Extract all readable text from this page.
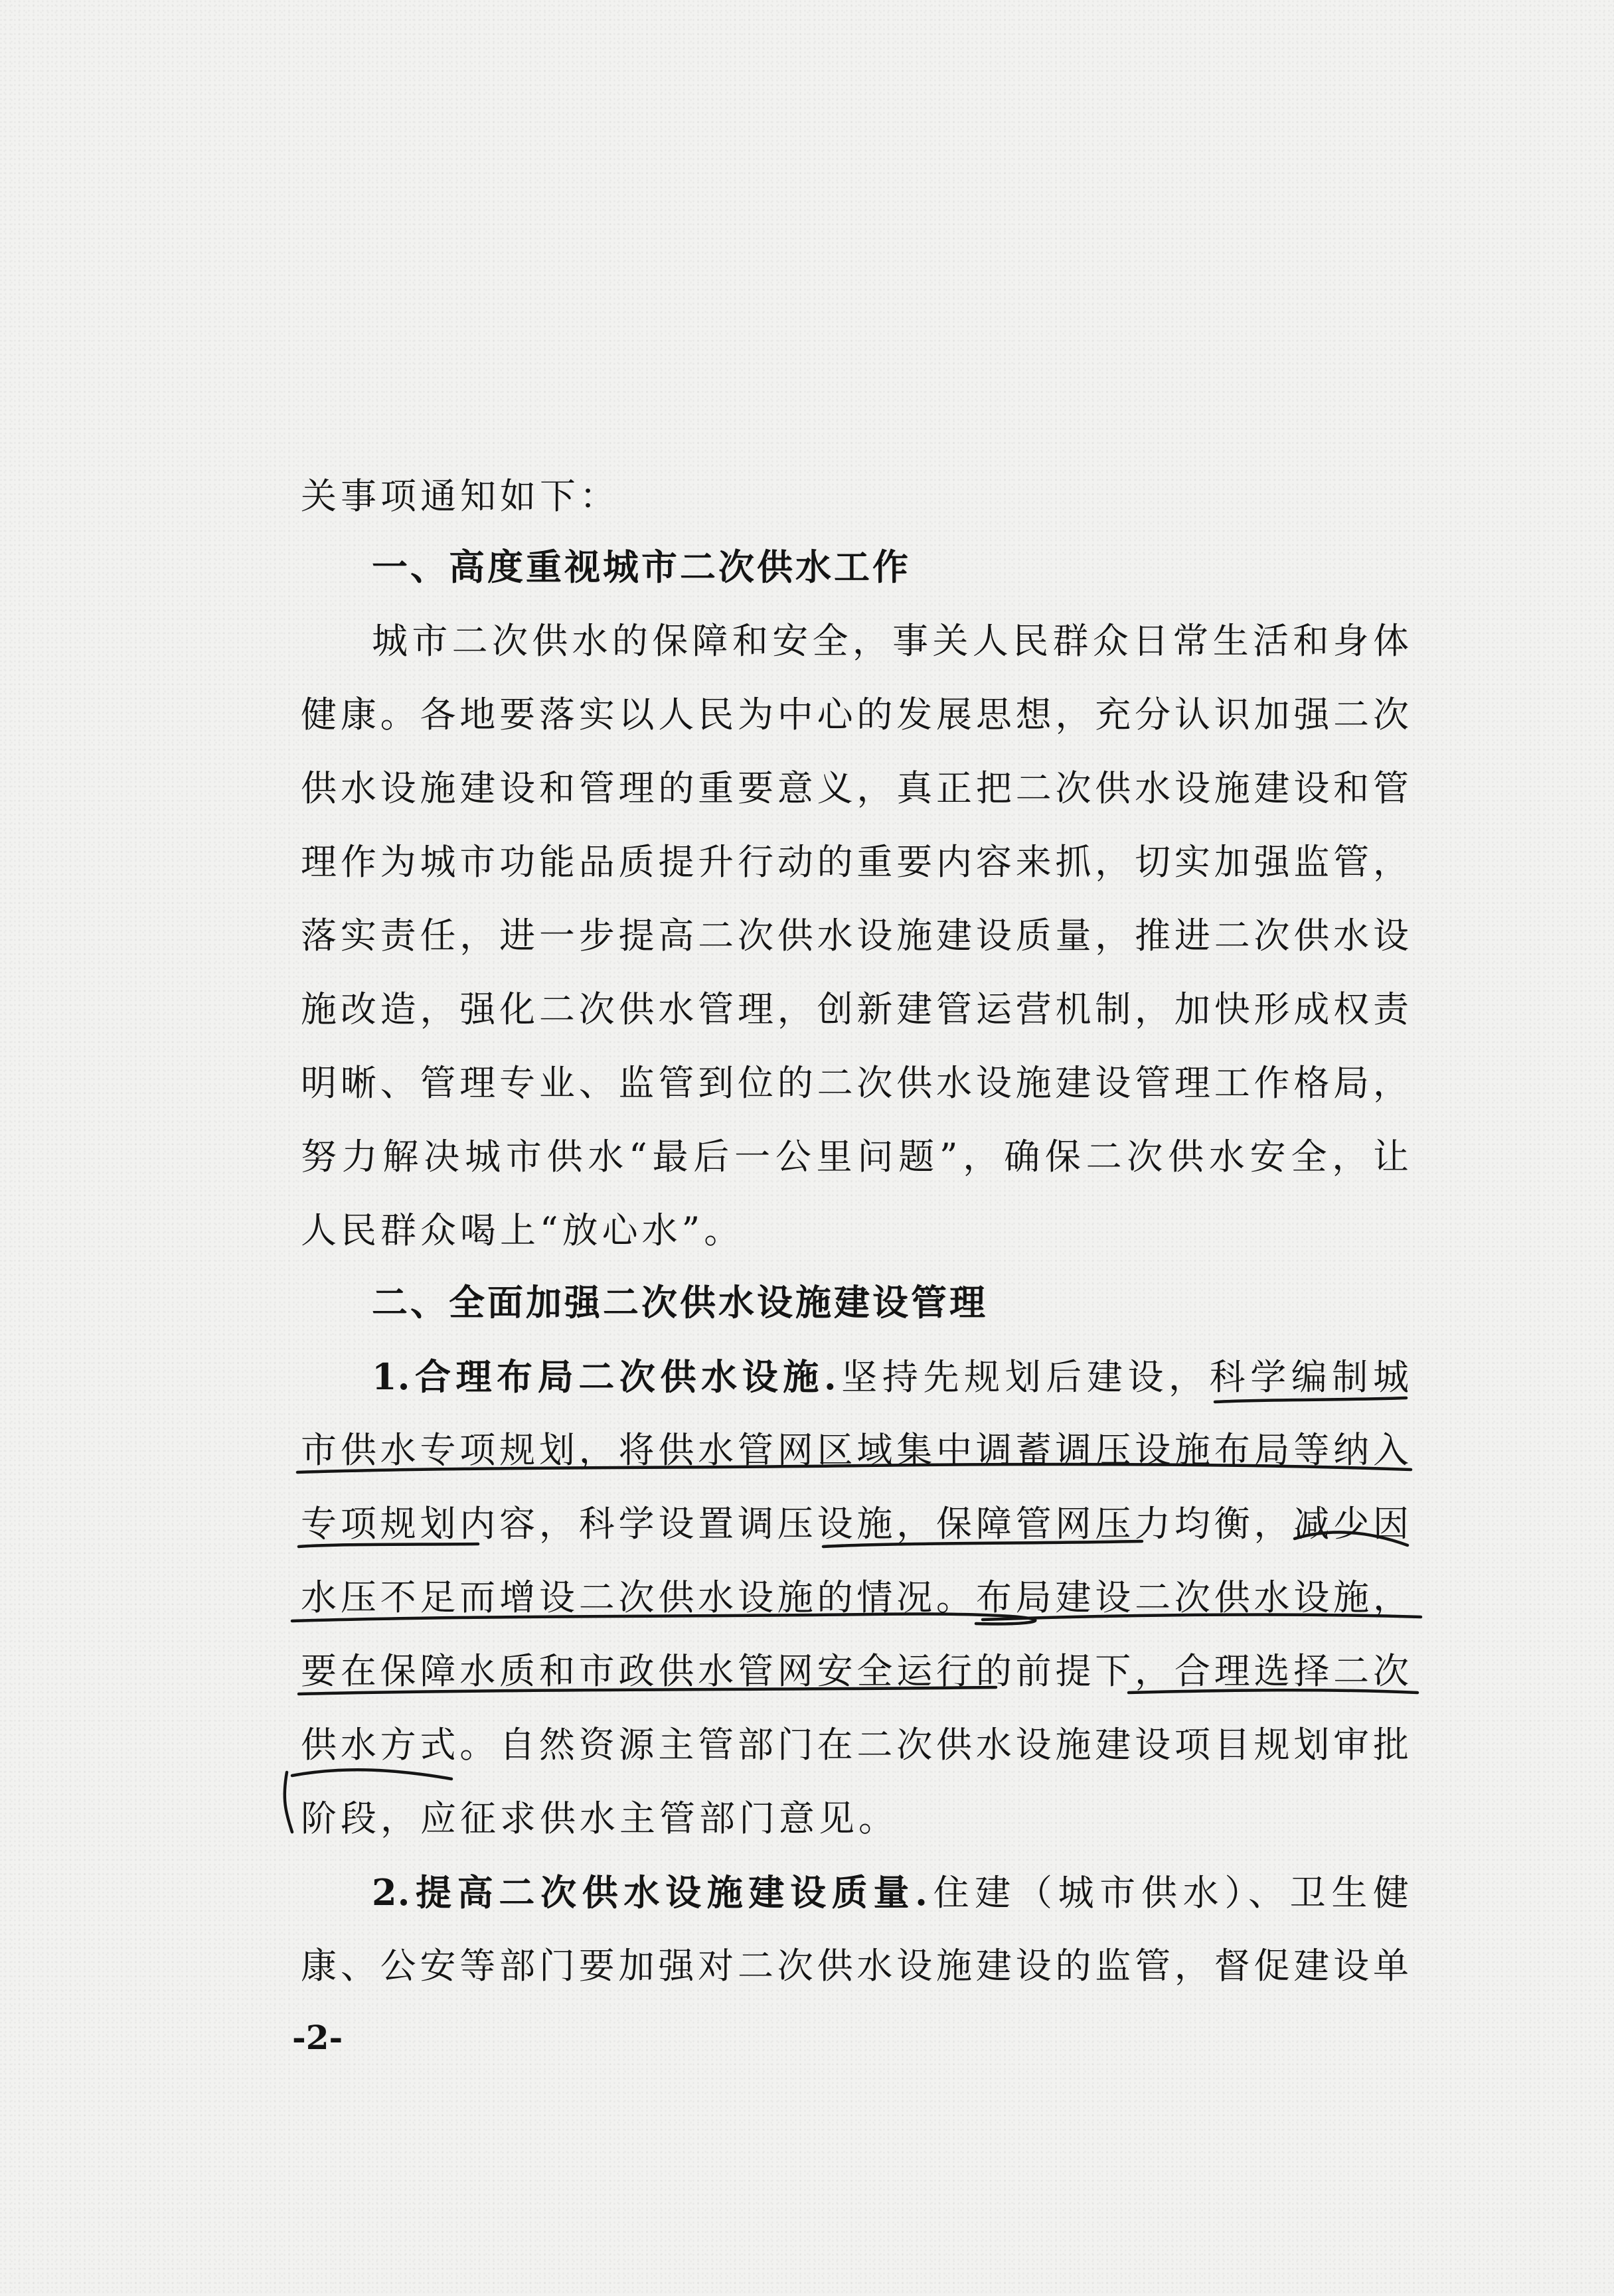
关事项通知如下：
一、高度重视城市二次供水工作
城市二次供水的保障和安全，事关人民群众日常生活和身体
健康。各地要落实以人民为中心的发展思想，充分认识加强二次
供水设施建设和管理的重要意义，真正把二次供水设施建设和管
理作为城市功能品质提升行动的重要内容来抓，切实加强监管，
落实责任，进一步提高二次供水设施建设质量，推进二次供水设
施改造，强化二次供水管理，创新建管运营机制，加快形成权责
明晰、管理专业、监管到位的二次供水设施建设管理工作格局，
努力解决城市供水“最后一公里问题”，确保二次供水安全，让
人民群众喝上“放心水”。
二、全面加强二次供水设施建设管理
1.合理布局二次供水设施.坚持先规划后建设，科学编制城
市供水专项规划，将供水管网区域集中调蓄调压设施布局等纳入
专项规划内容，科学设置调压设施，保障管网压力均衡，减少因
水压不足而增设二次供水设施的情况。布局建设二次供水设施，
要在保障水质和市政供水管网安全运行的前提下，合理选择二次
供水方式。自然资源主管部门在二次供水设施建设项目规划审批
阶段，应征求供水主管部门意见。
2.提高二次供水设施建设质量.住建（城市供水）、卫生健
康、公安等部门要加强对二次供水设施建设的监管，督促建设单
-2-
